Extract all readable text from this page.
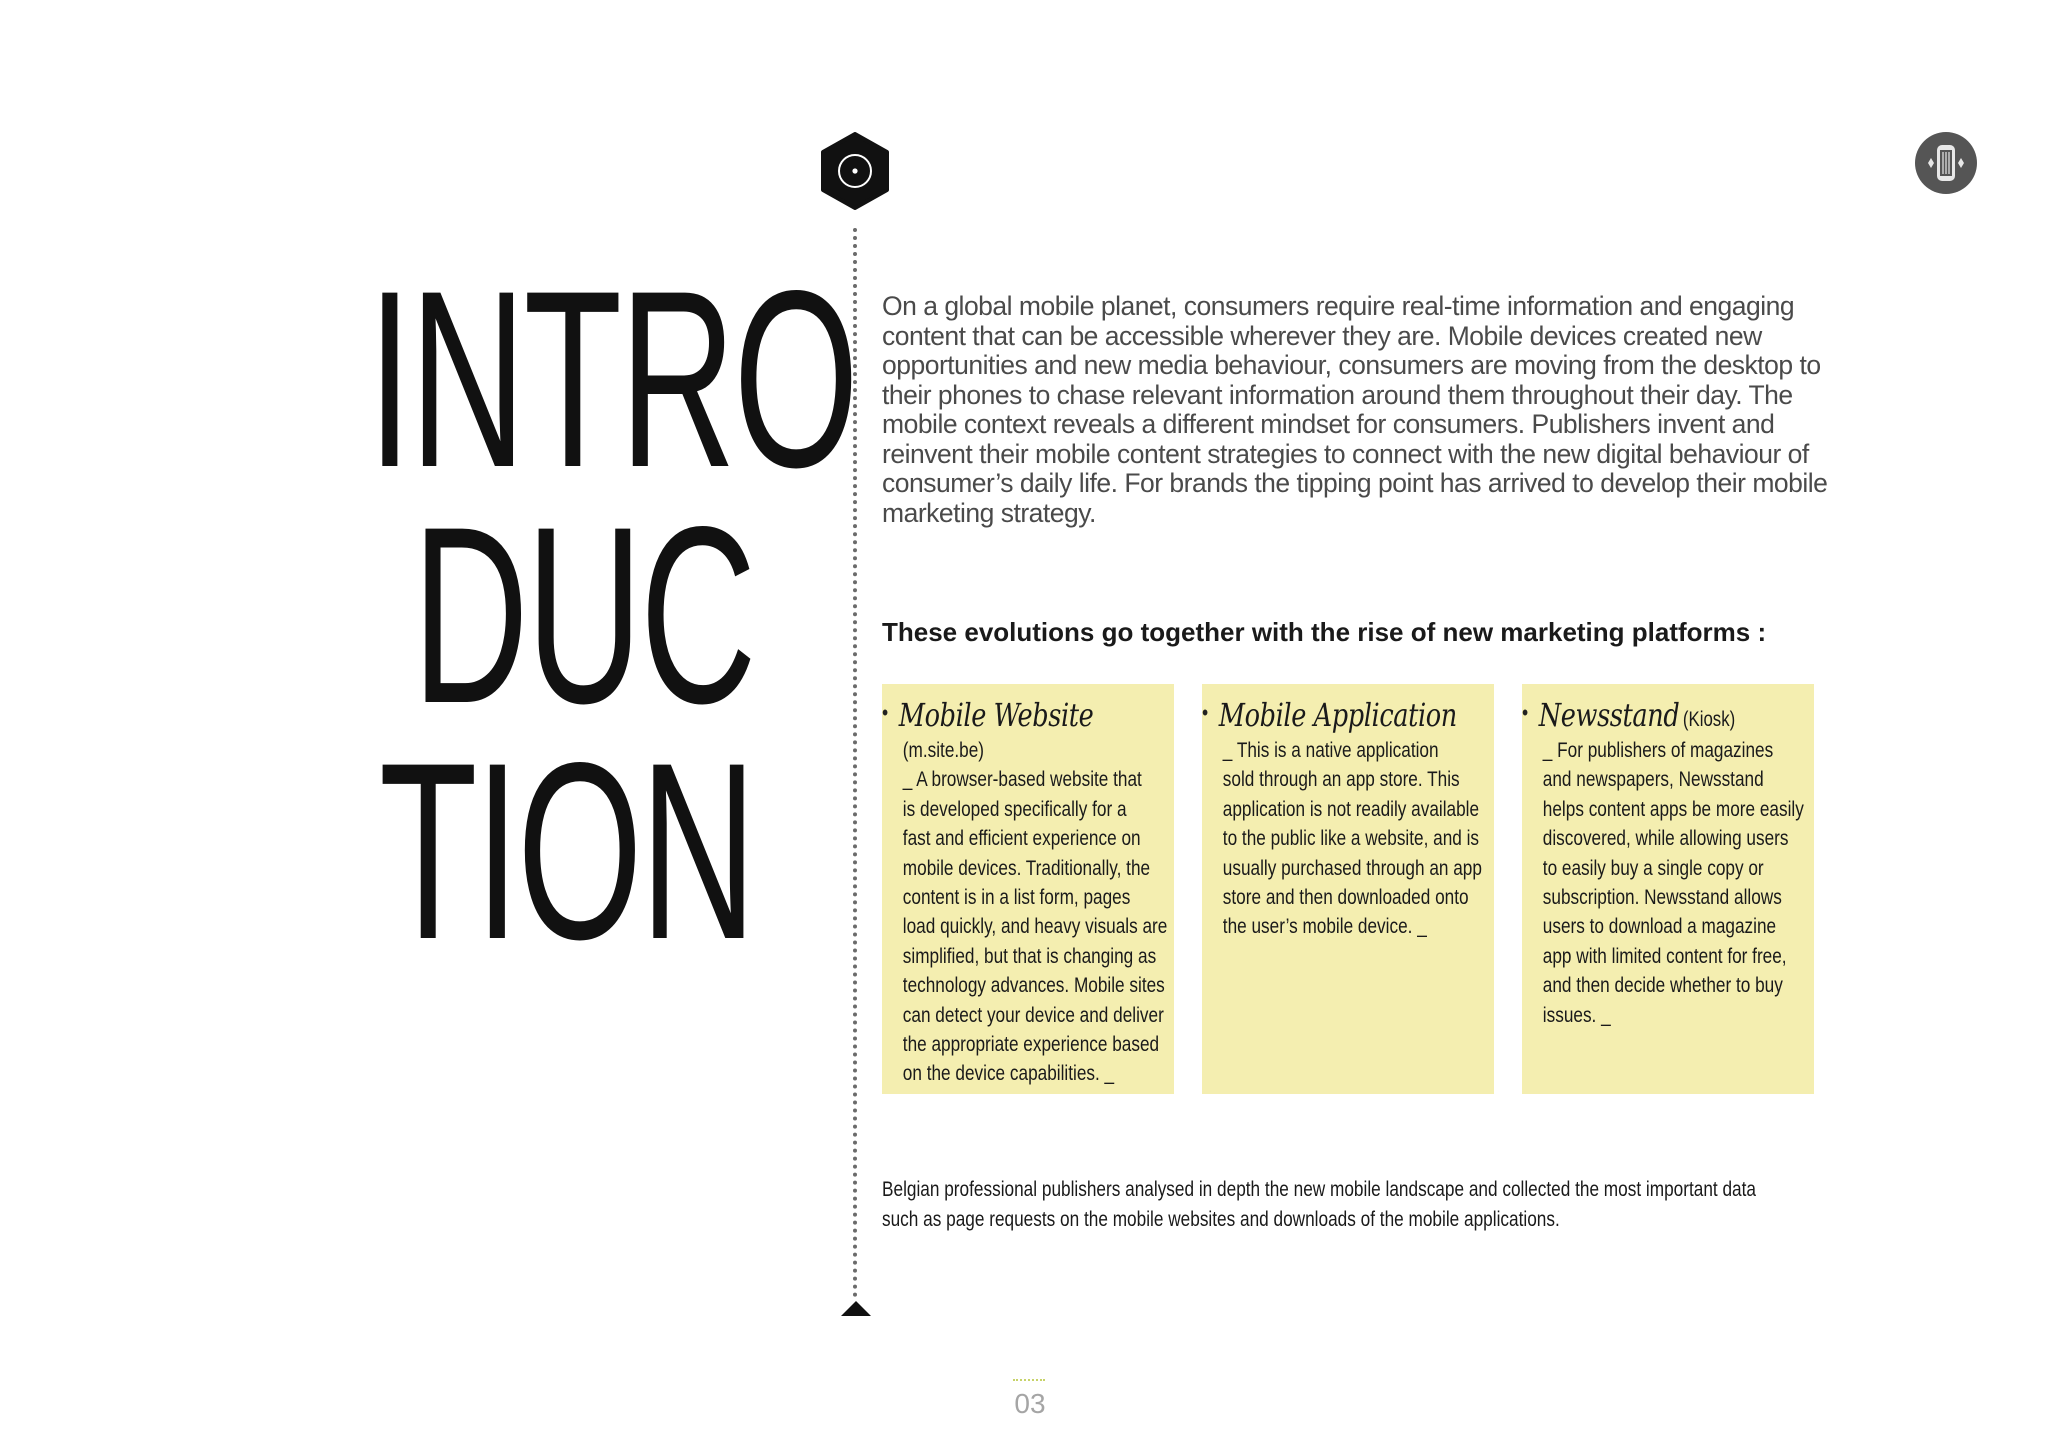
INTRO
DUC
TION

On a global mobile planet, consumers require real-time information and engaging content that can be accessible wherever they are. Mobile devices created new opportunities and new media behaviour, consumers are moving from the desktop to their phones to chase relevant information around them throughout their day. The mobile context reveals a different mindset for consumers. Publishers invent and reinvent their mobile content strategies to connect with the new digital behaviour of consumer’s daily life. For brands the tipping point has arrived to develop their mobile marketing strategy.

These evolutions go together with the rise of new marketing platforms :
• Mobile Website
(m.site.be)
_ A browser-based website that
is developed specifically for a
fast and efficient experience on
mobile devices. Traditionally, the
content is in a list form, pages
load quickly, and heavy visuals are
simplified, but that is changing as
technology advances. Mobile sites
can detect your device and deliver
the appropriate experience based
on the device capabilities. _
• Mobile Application
_ This is a native application
sold through an app store. This
application is not readily available
to the public like a website, and is
usually purchased through an app
store and then downloaded onto
the user’s mobile device. _
• Newsstand (Kiosk)
_ For publishers of magazines
and newspapers, Newsstand
helps content apps be more easily
discovered, while allowing users
to easily buy a single copy or
subscription. Newsstand allows
users to download a magazine
app with limited content for free,
and then decide whether to buy
issues. _

Belgian professional publishers analysed in depth the new mobile landscape and collected the most important data
such as page requests on the mobile websites and downloads of the mobile applications.

03
